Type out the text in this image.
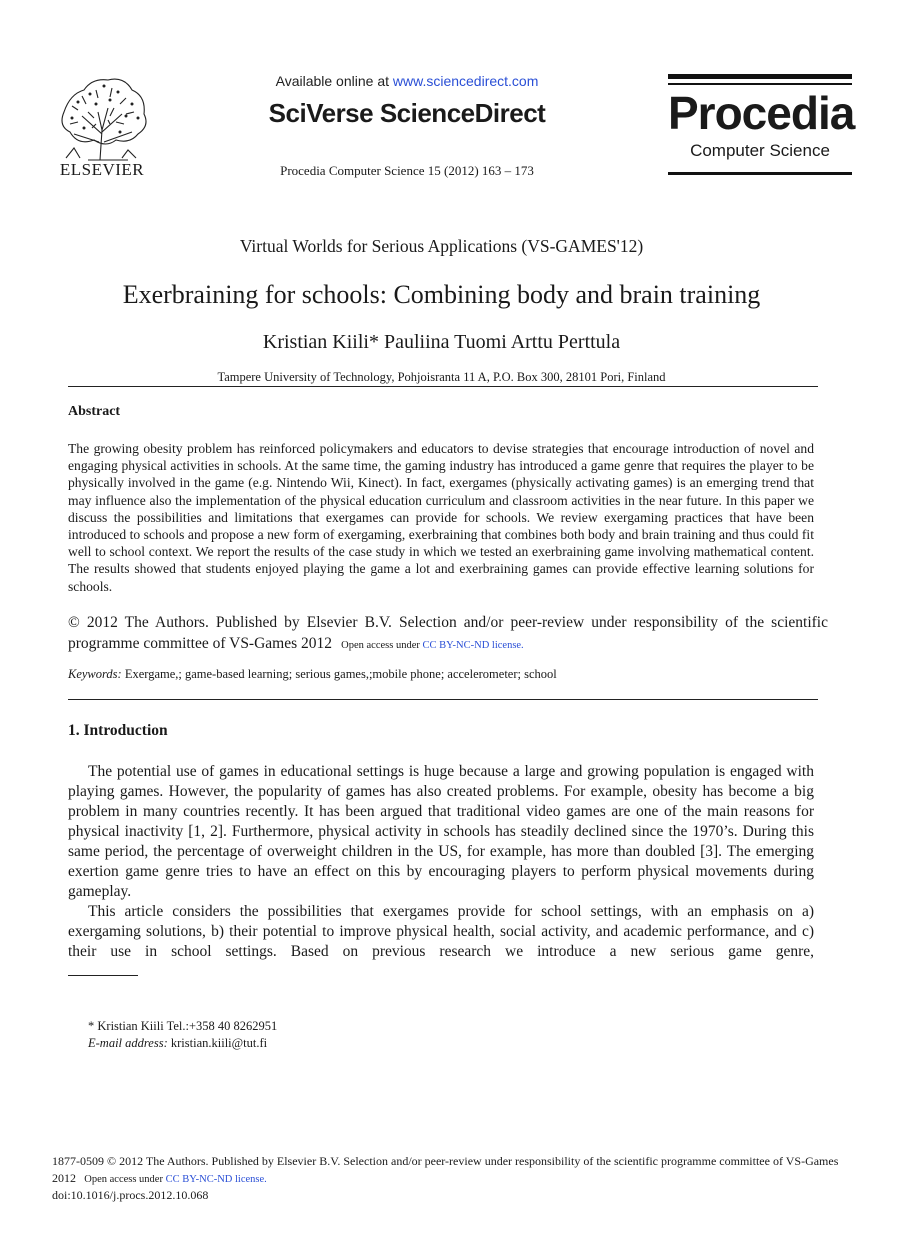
ELSEVIER
Available online at www.sciencedirect.com
SciVerse ScienceDirect
Procedia Computer Science 15 (2012) 163 – 173
Procedia
Computer Science
Virtual Worlds for Serious Applications (VS-GAMES'12)
Exerbraining for schools: Combining body and brain training
Kristian Kiili* Pauliina Tuomi Arttu Perttula
Tampere University of Technology, Pohjoisranta 11 A, P.O. Box 300, 28101 Pori, Finland
Abstract

The growing obesity problem has reinforced policymakers and educators to devise strategies that encourage introduction of novel and engaging physical activities in schools. At the same time, the gaming industry has introduced a game genre that requires the player to be physically involved in the game (e.g. Nintendo Wii, Kinect). In fact, exergames (physically activating games) is an emerging trend that may influence also the implementation of the physical education curriculum and classroom activities in the near future. In this paper we discuss the possibilities and limitations that exergames can provide for schools. We review exergaming practices that have been introduced to schools and propose a new form of exergaming, exerbraining that combines both body and brain training and thus could fit well to school context. We report the results of the case study in which we tested an exerbraining game involving mathematical content. The results showed that students enjoyed playing the game a lot and exerbraining games can provide effective learning solutions for schools.

© 2012 The Authors. Published by Elsevier B.V. Selection and/or peer-review under responsibility of the scientific programme committee of VS-Games 2012 Open access under CC BY-NC-ND license.
Keywords: Exergame,; game-based learning; serious games,;mobile phone; accelerometer; school
1. Introduction

The potential use of games in educational settings is huge because a large and growing population is engaged with playing games. However, the popularity of games has also created problems. For example, obesity has become a big problem in many countries recently. It has been argued that traditional video games are one of the main reasons for physical inactivity [1, 2]. Furthermore, physical activity in schools has steadily declined since the 1970’s. During this same period, the percentage of overweight children in the US, for example, has more than doubled [3]. The emerging exertion game genre tries to have an effect on this by encouraging players to perform physical movements during gameplay.

This article considers the possibilities that exergames provide for school settings, with an emphasis on a) exergaming solutions, b) their potential to improve physical health, social activity, and academic performance, and c) their use in school settings. Based on previous research we introduce a new serious game genre,

* Kristian Kiili Tel.:+358 40 8262951
E-mail address: kristian.kiili@tut.fi
1877-0509 © 2012 The Authors. Published by Elsevier B.V. Selection and/or peer-review under responsibility of the scientific programme committee of VS-Games 2012 Open access under CC BY-NC-ND license.
doi:10.1016/j.procs.2012.10.068
